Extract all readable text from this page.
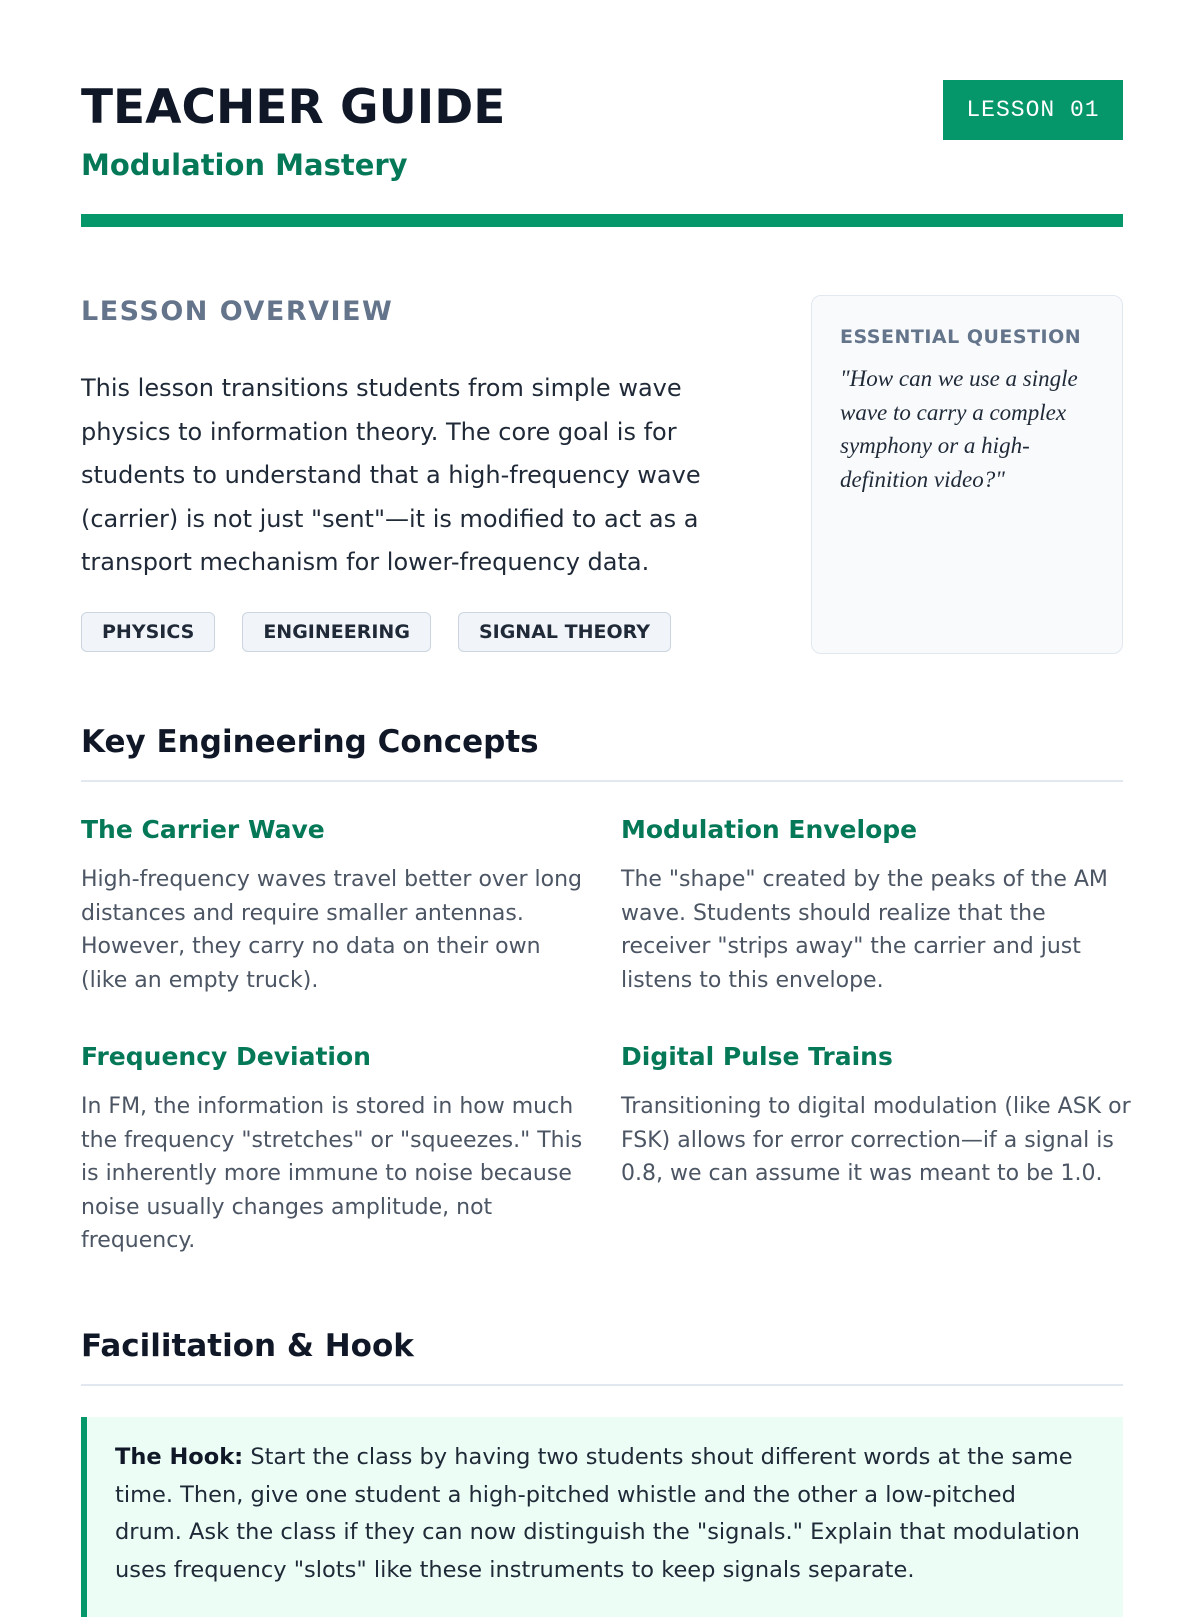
TEACHER GUIDE
Modulation Mastery
LESSON 01
LESSON OVERVIEW
This lesson transitions students from simple wave physics to information theory. The core goal is for students to understand that a high-frequency wave (carrier) is not just "sent"—it is modified to act as a transport mechanism for lower-frequency data.
PHYSICS	ENGINEERING	SIGNAL THEORY
ESSENTIAL QUESTION
"How can we use a single wave to carry a complex symphony or a high-definition video?"
Key Engineering Concepts
The Carrier Wave
High-frequency waves travel better over long distances and require smaller antennas. However, they carry no data on their own (like an empty truck).
Modulation Envelope
The "shape" created by the peaks of the AM wave. Students should realize that the receiver "strips away" the carrier and just listens to this envelope.
Frequency Deviation
In FM, the information is stored in how much the frequency "stretches" or "squeezes." This is inherently more immune to noise because noise usually changes amplitude, not frequency.
Digital Pulse Trains
Transitioning to digital modulation (like ASK or FSK) allows for error correction—if a signal is 0.8, we can assume it was meant to be 1.0.
Facilitation & Hook
The Hook: Start the class by having two students shout different words at the same time. Then, give one student a high-pitched whistle and the other a low-pitched drum. Ask the class if they can now distinguish the "signals." Explain that modulation uses frequency "slots" like these instruments to keep signals separate.
